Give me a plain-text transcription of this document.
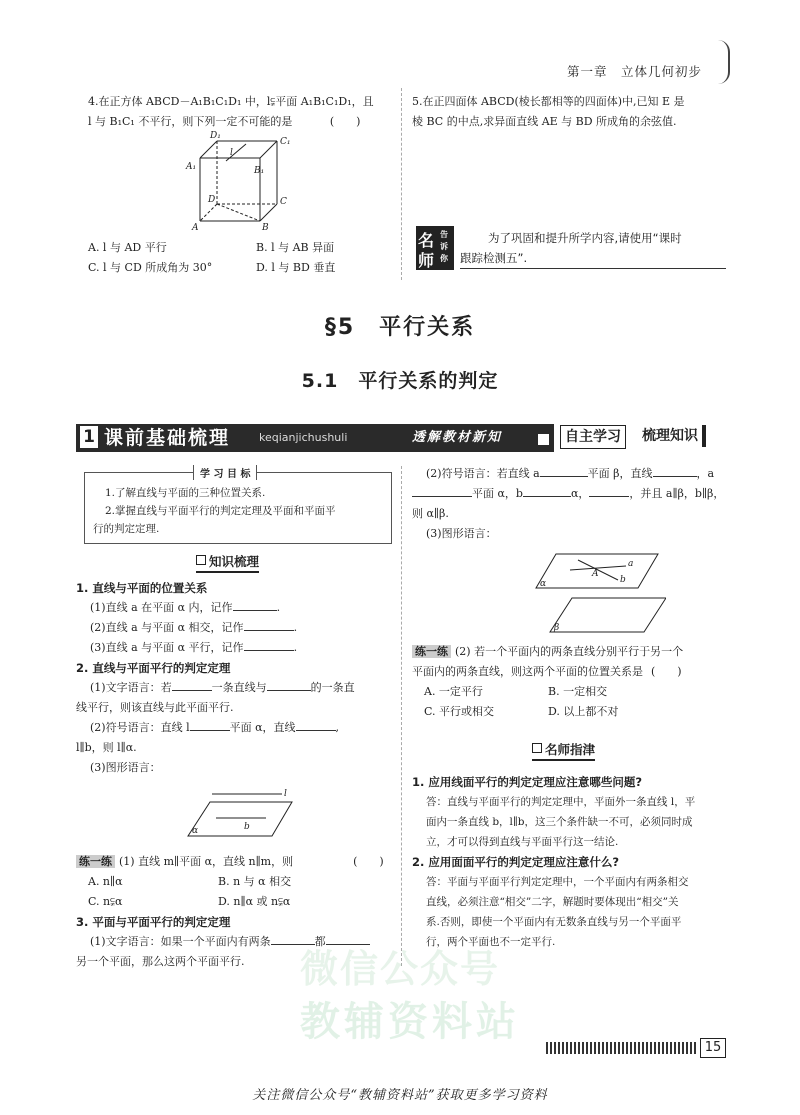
第一章　立体几何初步
4.在正方体 ABCD－A₁B₁C₁D₁ 中，l⫋平面 A₁B₁C₁D₁，且
l 与 B₁C₁ 不平行，则下列一定不可能的是	(　　)
D₁
C₁
A₁	B₁
l
D	C
A	B
A. l 与 AD 平行	B. l 与 AB 异面
C. l 与 CD 所成角为 30°	D. l 与 BD 垂直
5.在正四面体 ABCD(棱长都相等的四面体)中,已知 E 是
棱 BC 的中点,求异面直线 AE 与 BD 所成角的余弦值.
名
师
告
诉
你
为了巩固和提升所学内容,请使用“课时
跟踪检测五”.
§5　平行关系
5.1　平行关系的判定
1 课前基础梳理	keqianjichushuli	透解教材新知	自主学习	梳理知识
学 习 目 标
1.了解直线与平面的三种位置关系.
2.掌握直线与平面平行的判定定理及平面和平面平
行的判定定理.
知识梳理
1. 直线与平面的位置关系
(1)直线 a 在平面 α 内，记作	.
(2)直线 a 与平面 α 相交，记作	.
(3)直线 a 与平面 α 平行，记作	.
2. 直线与平面平行的判定定理
(1)文字语言：若	一条直线与	的一条直
线平行，则该直线与此平面平行.
(2)符号语言：直线 l	平面 α，直线	,
l∥b，则 l∥α.
(3)图形语言：
l
b
α
练一练 (1) 直线 m∥平面 α，直线 n∥m，则	(　　)
A. n∥α	B. n 与 α 相交
C. n⫋α	D. n∥α 或 n⫋α
3. 平面与平面平行的判定定理
(1)文字语言：如果一个平面内有两条	都
另一个平面，那么这两个平面平行.
(2)符号语言：若直线 a	平面 β，直线	，a
平面 α，b	α，	，并且 a∥β，b∥β，
则 α∥β.
(3)图形语言：
α
β
a
b
A
练一练 (2) 若一个平面内的两条直线分别平行于另一个
平面内的两条直线，则这两个平面的位置关系是 (　　)
A. 一定平行	B. 一定相交
C. 平行或相交	D. 以上都不对
名师指津
1. 应用线面平行的判定定理应注意哪些问题?
答：直线与平面平行的判定定理中，平面外一条直线 l，平
面内一条直线 b，l∥b，这三个条件缺一不可，必须同时成
立，才可以得到直线与平面平行这一结论.
2. 应用面面平行的判定定理应注意什么?
答：平面与平面平行判定定理中，一个平面内有两条相交
直线，必须注意“相交”二字，解题时要体现出“相交”关
系.否则，即使一个平面内有无数条直线与另一个平面平
行，两个平面也不一定平行.
微信公众号
教辅资料站
15
关注微信公众号“教辅资料站”获取更多学习资料
